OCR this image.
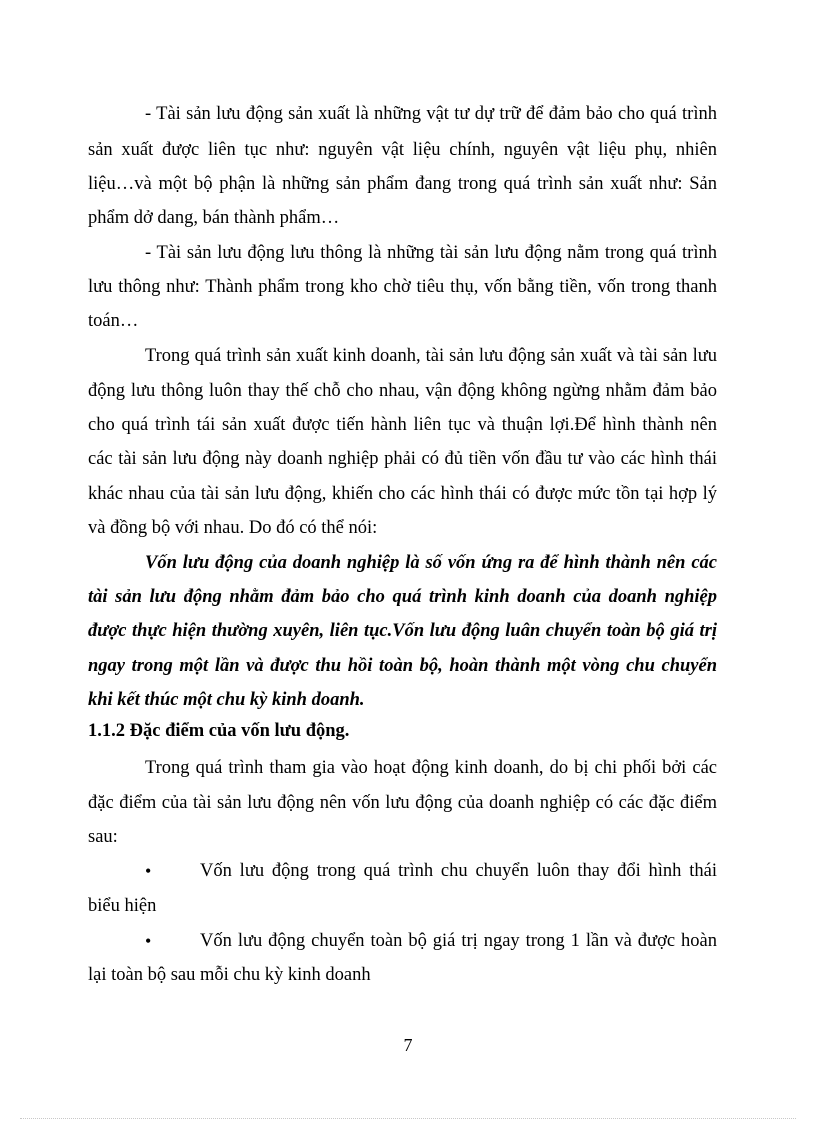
- Tài sản lưu động sản xuất là những vật tư dự trữ để đảm bảo cho quá trình
sản xuất được liên tục như: nguyên vật liệu chính, nguyên vật liệu phụ, nhiên
liệu…và một bộ phận là những sản phẩm đang trong quá trình sản xuất như: Sản
phẩm dở dang, bán thành phẩm…
- Tài sản lưu động lưu thông là những tài sản lưu động nằm trong quá trình
lưu thông như: Thành phẩm trong kho chờ tiêu thụ, vốn bằng tiền, vốn trong thanh
toán…
Trong quá trình sản xuất kinh doanh, tài sản lưu động sản xuất và tài sản lưu
động lưu thông luôn thay thế chỗ cho nhau, vận động không ngừng nhằm đảm bảo
cho quá trình tái sản xuất được tiến hành liên tục và thuận lợi.Để hình thành nên
các tài sản lưu động này doanh nghiệp phải có đủ tiền vốn đầu tư vào các hình thái
khác nhau của tài sản lưu động, khiến cho các hình thái có được mức tồn tại hợp lý
và đồng bộ với nhau. Do đó có thể nói:
Vốn lưu động của doanh nghiệp là số vốn ứng ra để hình thành nên các
tài sản lưu động nhằm đảm bảo cho quá trình kinh doanh của doanh nghiệp
được thực hiện thường xuyên, liên tục.Vốn lưu động luân chuyển toàn bộ giá trị
ngay trong một lần và được thu hồi toàn bộ, hoàn thành một vòng chu chuyển
khi kết thúc một chu kỳ kinh doanh.
1.1.2 Đặc điểm của vốn lưu động.
Trong quá trình tham gia vào hoạt động kinh doanh, do bị chi phối bởi các
đặc điểm của tài sản lưu động nên vốn lưu động của doanh nghiệp có các đặc điểm
sau:
•	Vốn lưu động trong quá trình chu chuyển luôn thay đổi hình thái
biểu hiện
•	Vốn lưu động chuyển toàn bộ giá trị ngay trong 1 lần và được hoàn
lại toàn bộ sau mỗi chu kỳ kinh doanh
7
